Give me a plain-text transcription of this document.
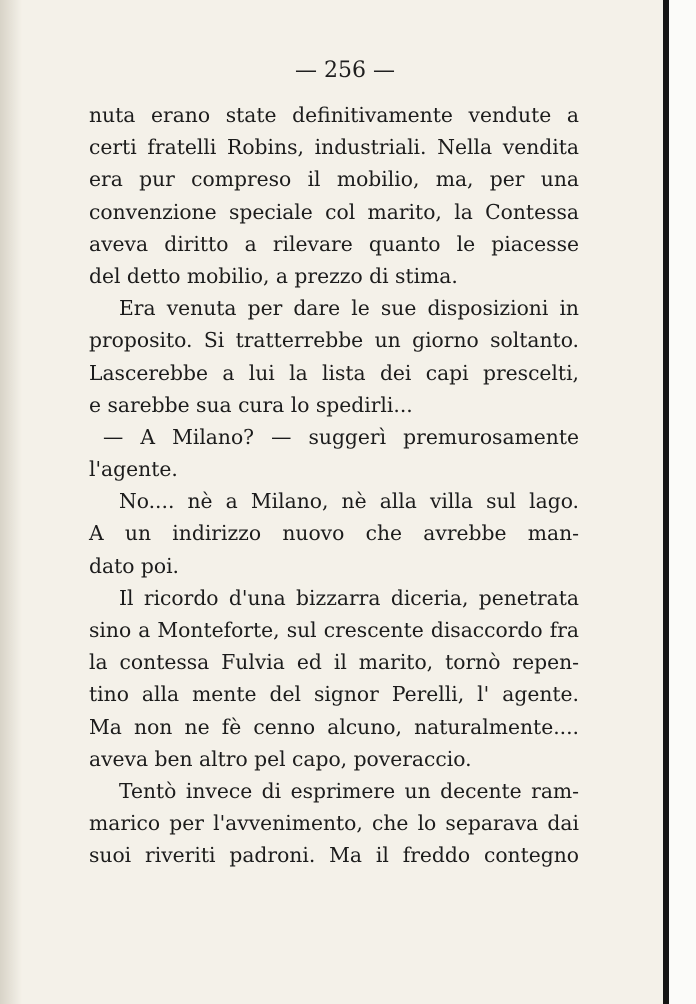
— 256 —
nuta erano state definitivamente vendute a
certi fratelli Robins, industriali. Nella vendita
era pur compreso il mobilio, ma, per una
convenzione speciale col marito, la Contessa
aveva diritto a rilevare quanto le piacesse
del detto mobilio, a prezzo di stima.
Era venuta per dare le sue disposizioni in
proposito. Si tratterrebbe un giorno soltanto.
Lascerebbe a lui la lista dei capi prescelti,
e sarebbe sua cura lo spedirli...
— A Milano? — suggerì premurosamente
l'agente.
No.... nè a Milano, nè alla villa sul lago.
A un indirizzo nuovo che avrebbe man-
dato poi.
Il ricordo d'una bizzarra diceria, penetrata
sino a Monteforte, sul crescente disaccordo fra
la contessa Fulvia ed il marito, tornò repen-
tino alla mente del signor Perelli, l' agente.
Ma non ne fè cenno alcuno, naturalmente....
aveva ben altro pel capo, poveraccio.
Tentò invece di esprimere un decente ram-
marico per l'avvenimento, che lo separava dai
suoi riveriti padroni. Ma il freddo contegno
